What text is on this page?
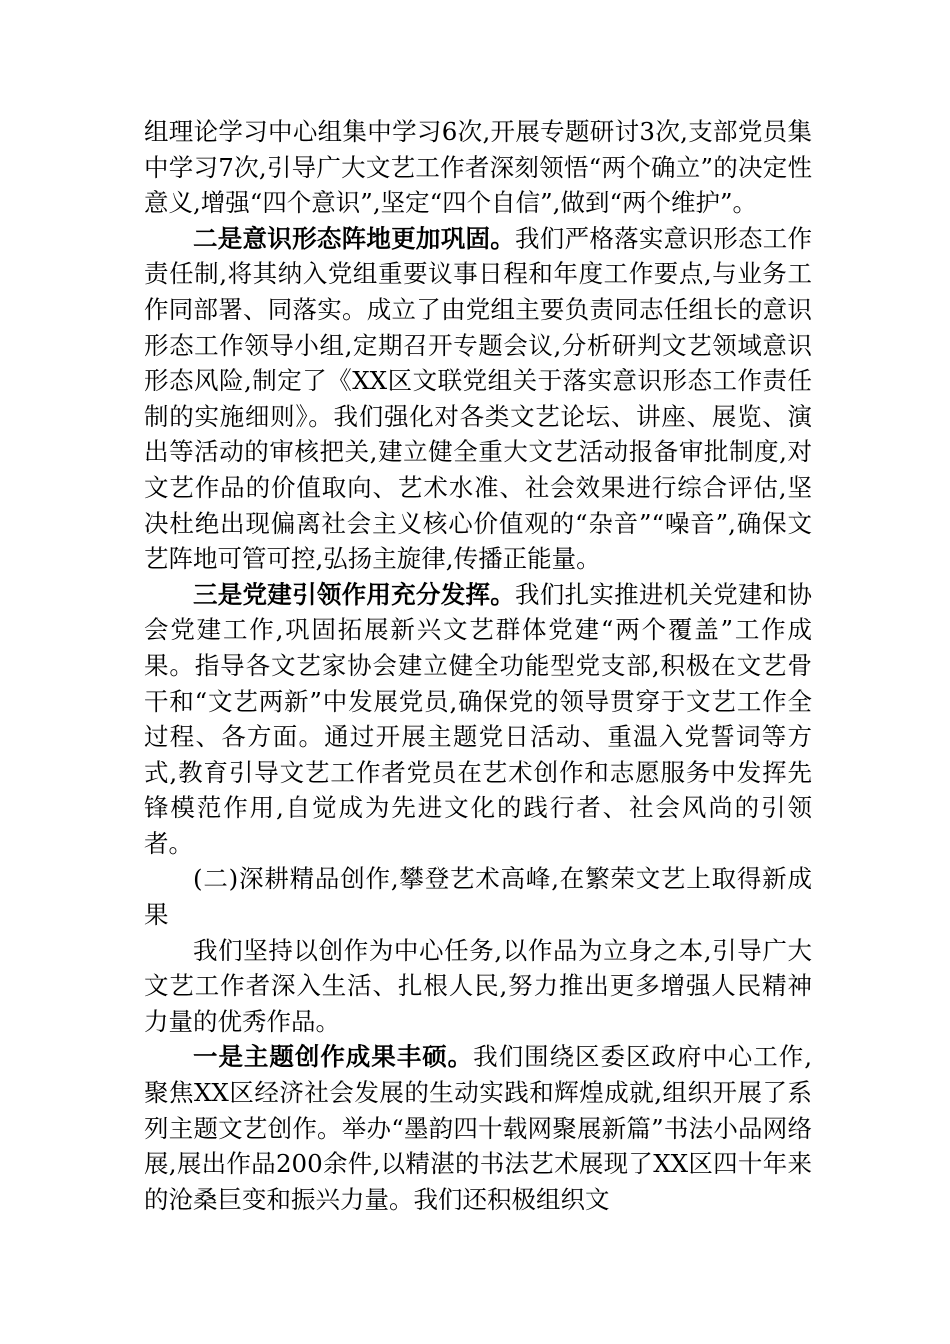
组理论学习中心组集中学习6次,开展专题研讨3次,支部党员集中学习7次,引导广大文艺工作者深刻领悟“两个确立”的决定性意义,增强“四个意识”,坚定“四个自信”,做到“两个维护”。

二是意识形态阵地更加巩固。我们严格落实意识形态工作责任制,将其纳入党组重要议事日程和年度工作要点,与业务工作同部署、同落实。成立了由党组主要负责同志任组长的意识形态工作领导小组,定期召开专题会议,分析研判文艺领域意识形态风险,制定了《XX区文联党组关于落实意识形态工作责任制的实施细则》。我们强化对各类文艺论坛、讲座、展览、演出等活动的审核把关,建立健全重大文艺活动报备审批制度,对文艺作品的价值取向、艺术水准、社会效果进行综合评估,坚决杜绝出现偏离社会主义核心价值观的“杂音”“噪音”,确保文艺阵地可管可控,弘扬主旋律,传播正能量。

三是党建引领作用充分发挥。我们扎实推进机关党建和协会党建工作,巩固拓展新兴文艺群体党建“两个覆盖”工作成果。指导各文艺家协会建立健全功能型党支部,积极在文艺骨干和“文艺两新”中发展党员,确保党的领导贯穿于文艺工作全过程、各方面。通过开展主题党日活动、重温入党誓词等方式,教育引导文艺工作者党员在艺术创作和志愿服务中发挥先锋模范作用,自觉成为先进文化的践行者、社会风尚的引领者。

(二)深耕精品创作,攀登艺术高峰,在繁荣文艺上取得新成果

我们坚持以创作为中心任务,以作品为立身之本,引导广大文艺工作者深入生活、扎根人民,努力推出更多增强人民精神力量的优秀作品。

一是主题创作成果丰硕。我们围绕区委区政府中心工作,聚焦XX区经济社会发展的生动实践和辉煌成就,组织开展了系列主题文艺创作。举办“墨韵四十载网聚展新篇”书法小品网络展,展出作品200余件,以精湛的书法艺术展现了XX区四十年来的沧桑巨变和振兴力量。我们还积极组织文
